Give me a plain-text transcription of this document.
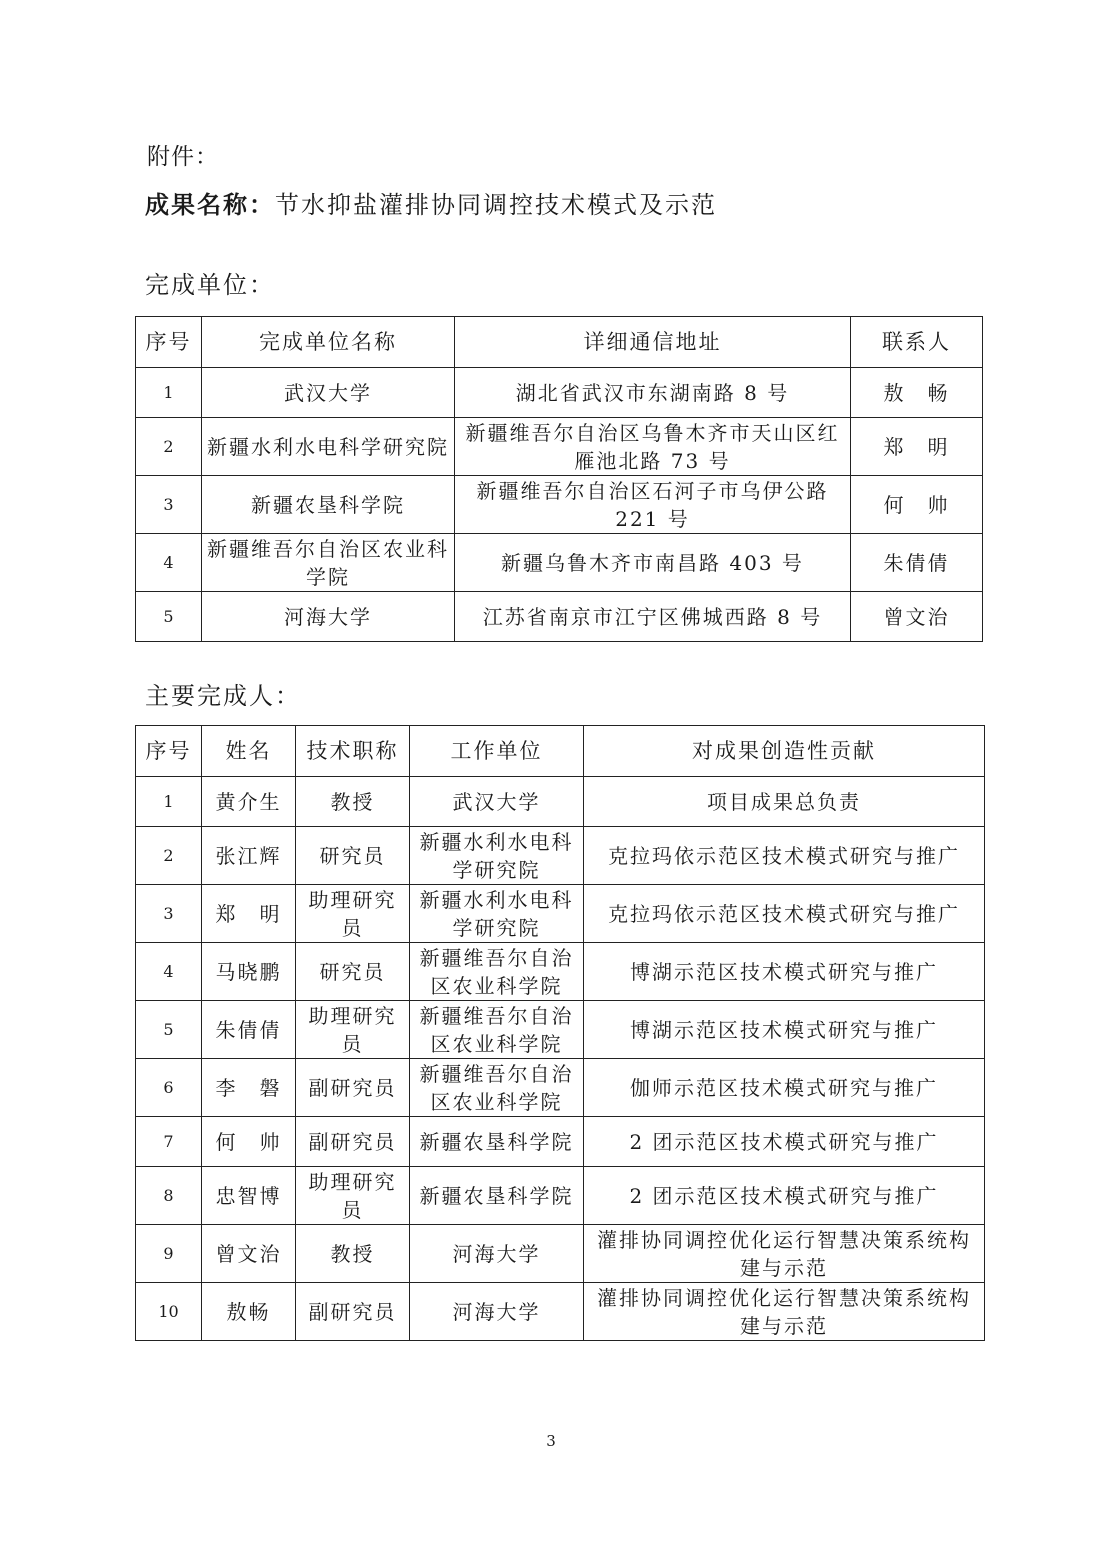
附件：
成果名称：节水抑盐灌排协同调控技术模式及示范
完成单位：
序号	完成单位名称	详细通信地址	联系人
1	武汉大学	湖北省武汉市东湖南路 8 号	敖　畅
2	新疆水利水电科学研究院	新疆维吾尔自治区乌鲁木齐市天山区红雁池北路 73 号	郑　明
3	新疆农垦科学院	新疆维吾尔自治区石河子市乌伊公路 221 号	何　帅
4	新疆维吾尔自治区农业科学院	新疆乌鲁木齐市南昌路 403 号	朱倩倩
5	河海大学	江苏省南京市江宁区佛城西路 8 号	曾文治
主要完成人：
序号	姓名	技术职称	工作单位	对成果创造性贡献
1	黄介生	教授	武汉大学	项目成果总负责
2	张江辉	研究员	新疆水利水电科学研究院	克拉玛依示范区技术模式研究与推广
3	郑　明	助理研究员	新疆水利水电科学研究院	克拉玛依示范区技术模式研究与推广
4	马晓鹏	研究员	新疆维吾尔自治区农业科学院	博湖示范区技术模式研究与推广
5	朱倩倩	助理研究员	新疆维吾尔自治区农业科学院	博湖示范区技术模式研究与推广
6	李　磐	副研究员	新疆维吾尔自治区农业科学院	伽师示范区技术模式研究与推广
7	何　帅	副研究员	新疆农垦科学院	2 团示范区技术模式研究与推广
8	忠智博	助理研究员	新疆农垦科学院	2 团示范区技术模式研究与推广
9	曾文治	教授	河海大学	灌排协同调控优化运行智慧决策系统构建与示范
10	敖畅	副研究员	河海大学	灌排协同调控优化运行智慧决策系统构建与示范
3
